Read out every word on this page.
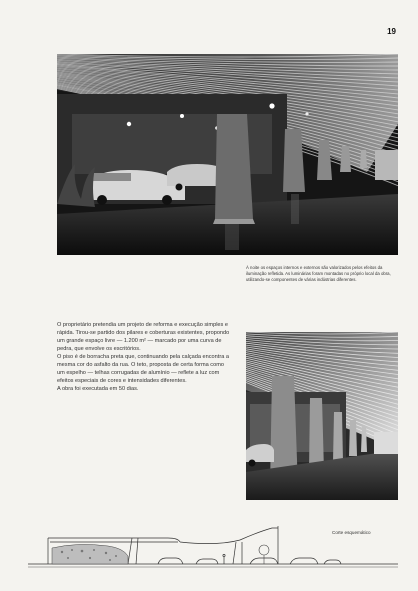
19
À noite os espaços internos e externos são valorizados pelos efeitos da iluminação refletida. As luminárias foram montadas no próprio local da obra, utilizando-se componentes de várias indústrias diferentes.

O proprietário pretendia um projeto de reforma e execução simples e rápida. Tirou-se partido dos pilares e coberturas existentes, propondo um grande espaço livre — 1.200 m² — marcado por uma curva de pedra, que envolve os escritórios.

O piso é de borracha preta que, continuando pela calçada encontra a mesma cor do asfalto da rua. O teto, proposta de certa forma como um espelho — telhas corrugadas de alumínio — reflete a luz com efeitos especiais de cores e intensidades diferentes.

A obra foi executada em 50 dias.

Corte esquemático
